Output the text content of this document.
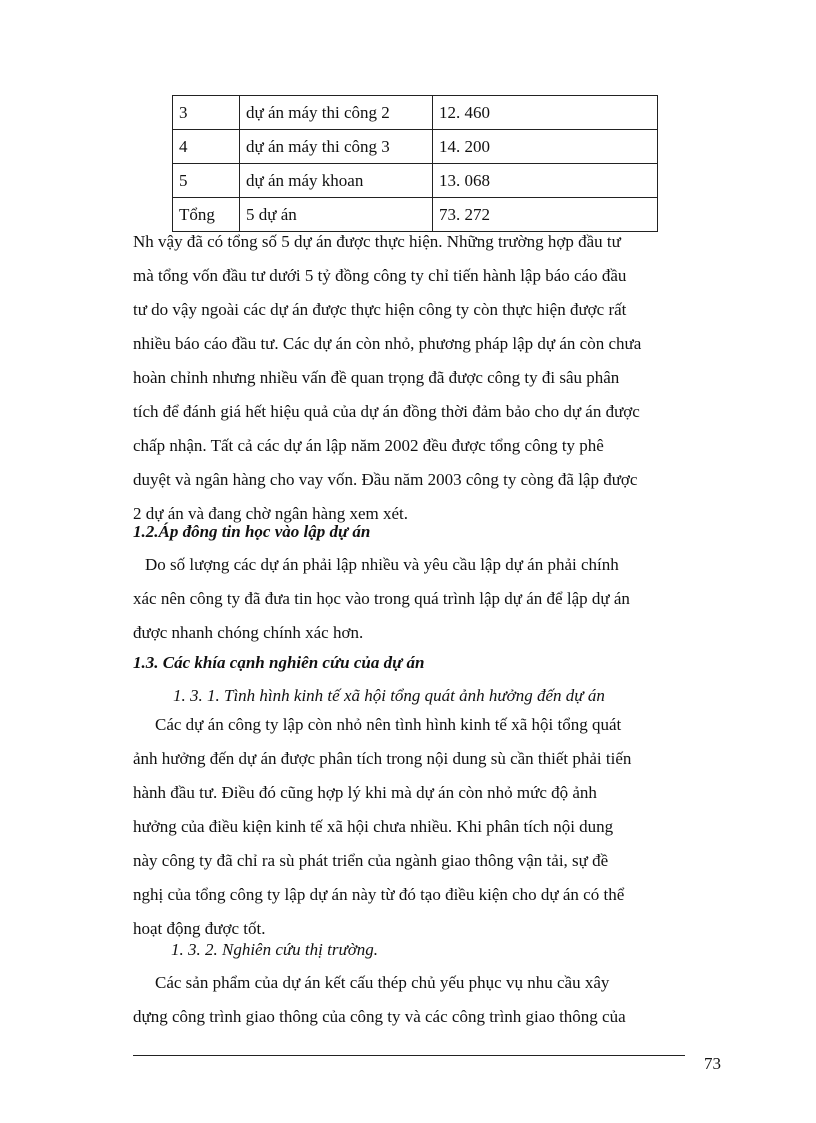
3	dự án máy thi công 2	12. 460
4	dự án máy thi công 3	14. 200
5	dự án máy khoan	13. 068
Tổng	5 dự án	73. 272

Nh vậy đã có tổng số 5 dự án được thực hiện. Những trường hợp đầu tư

mà tổng vốn đầu tư dưới 5 tỷ đồng công ty chỉ tiến hành lập báo cáo đầu

tư do vậy ngoài các dự án được thực hiện công ty còn thực hiện được rất

nhiều báo cáo đầu tư. Các dự án còn nhỏ, phương pháp lập dự án còn chưa

hoàn chỉnh nhưng nhiều vấn đề quan trọng đã được công ty đi sâu phân

tích để đánh giá hết hiệu quả của dự án đồng thời đảm bảo cho dự án được

chấp nhận. Tất cả các dự án lập năm 2002 đều được tổng công ty phê

duyệt và ngân hàng cho vay vốn. Đầu năm 2003 công ty còng đã lập được

2 dự án và đang chờ ngân hàng xem xét.

1.2.Áp đông tin học vào lập dự án

Do số lượng các dự án phải lập nhiều và yêu cầu lập dự án phải chính

xác nên công ty đã đưa tin học vào trong quá trình lập dự án để lập dự án

được nhanh chóng chính xác hơn.

1.3. Các khía cạnh nghiên cứu của dự án
1. 3. 1. Tình hình kinh tế xã hội tổng quát ảnh hưởng đến dự án

Các dự án công ty lập còn nhỏ nên tình hình kinh tế xã hội tổng quát

ảnh hưởng đến dự án được phân tích trong nội dung sù cần thiết phải tiến

hành đầu tư. Điều đó cũng hợp lý khi mà dự án còn nhỏ mức độ ảnh

hưởng của điều kiện kinh tế xã hội chưa nhiều. Khi phân tích nội dung

này công ty đã chỉ ra sù phát triển của ngành giao thông vận tải, sự đề

nghị của tổng công ty lập dự án này từ đó tạo điều kiện cho dự án có thể

hoạt động được tốt.

1. 3. 2. Nghiên cứu thị trường.

Các sản phẩm của dự án kết cấu thép chủ yếu phục vụ nhu cầu xây

dựng công trình giao thông của công ty và các công trình giao thông của

73
